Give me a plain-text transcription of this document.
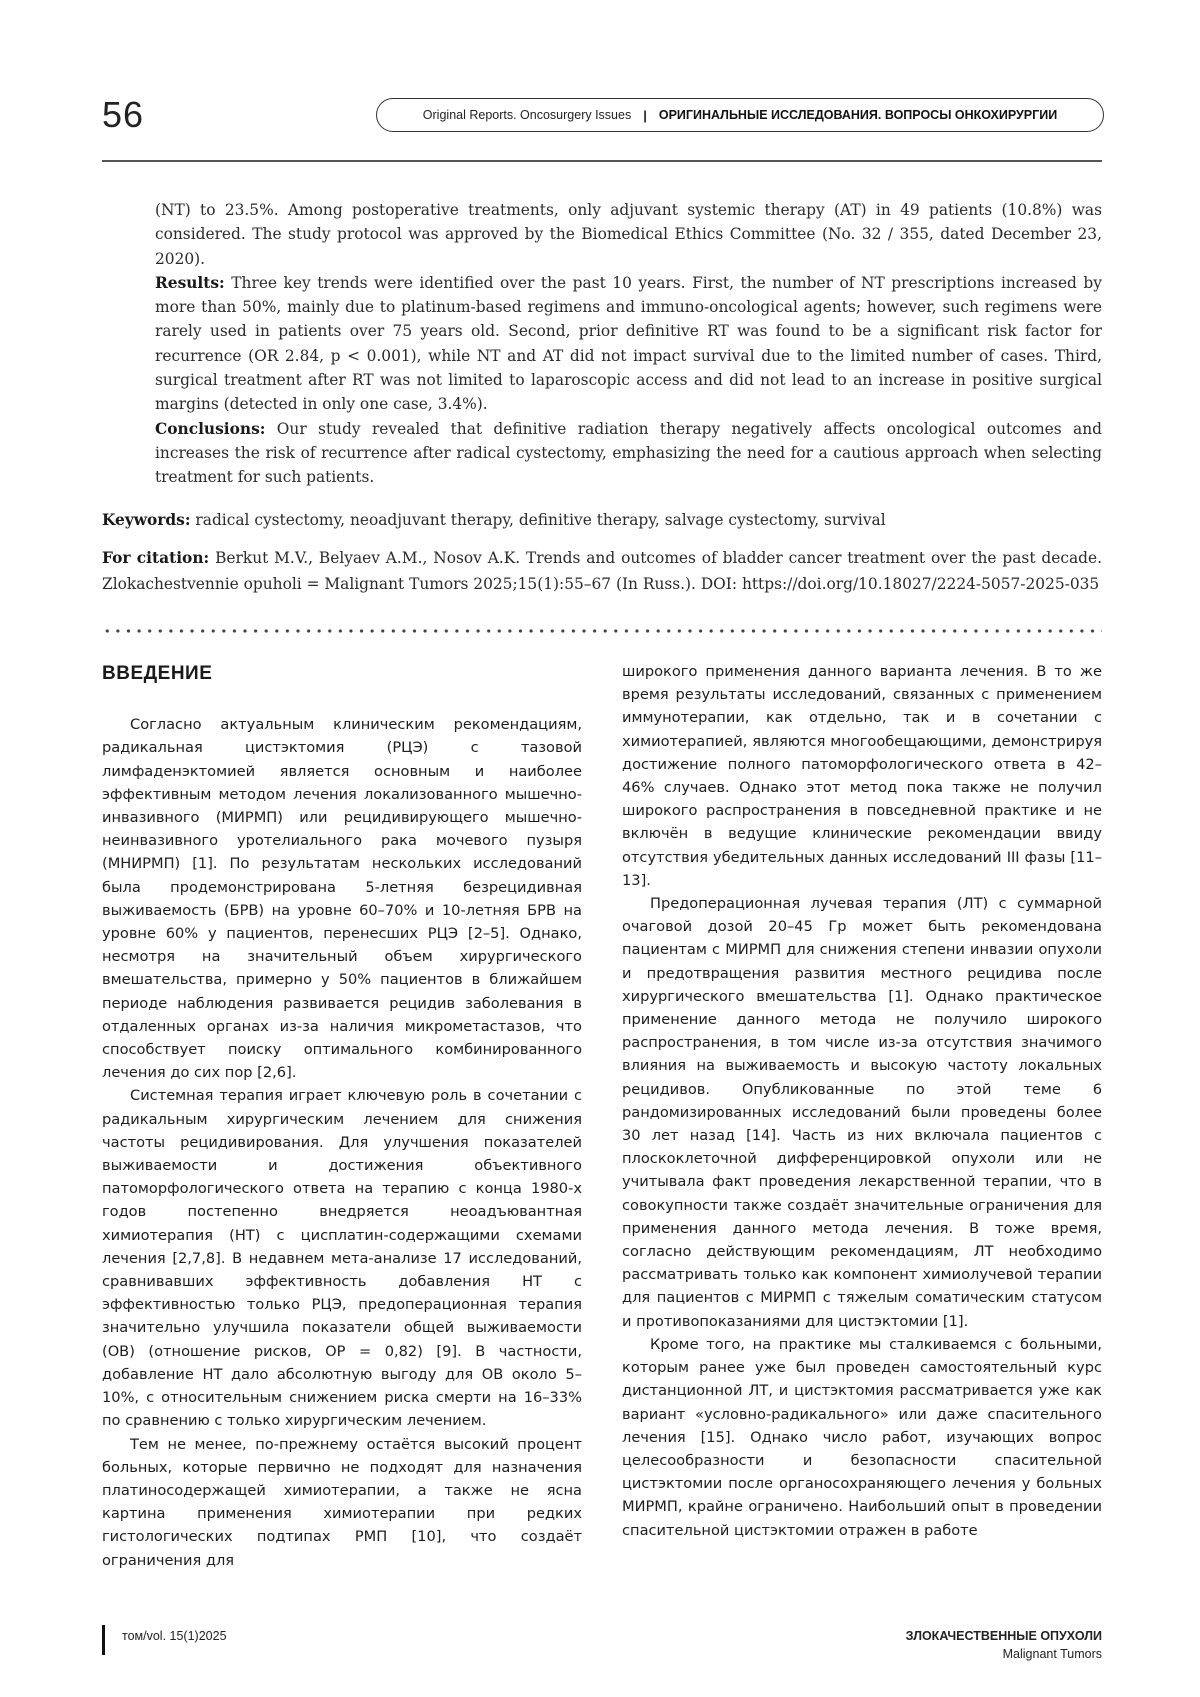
56	Original Reports. Oncosurgery Issues | ОРИГИНАЛЬНЫЕ ИССЛЕДОВАНИЯ. ВОПРОСЫ ОНКОХИРУРГИИ

(NT) to 23.5%. Among postoperative treatments, only adjuvant systemic therapy (AT) in 49 patients (10.8%) was considered. The study protocol was approved by the Biomedical Ethics Committee (No. 32 / 355, dated December 23, 2020).

Results: Three key trends were identified over the past 10 years. First, the number of NT prescriptions increased by more than 50%, mainly due to platinum-based regimens and immuno-oncological agents; however, such regimens were rarely used in patients over 75 years old. Second, prior definitive RT was found to be a significant risk factor for recurrence (OR 2.84, p < 0.001), while NT and AT did not impact survival due to the limited number of cases. Third, surgical treatment after RT was not limited to laparoscopic access and did not lead to an increase in positive surgical margins (detected in only one case, 3.4%).

Conclusions: Our study revealed that definitive radiation therapy negatively affects oncological outcomes and increases the risk of recurrence after radical cystectomy, emphasizing the need for a cautious approach when selecting treatment for such patients.

Keywords: radical cystectomy, neoadjuvant therapy, definitive therapy, salvage cystectomy, survival
For citation: Berkut M.V., Belyaev A.M., Nosov A.K. Trends and outcomes of bladder cancer treatment over the past decade. Zlokachestvennie opuholi = Malignant Tumors 2025;15(1):55–67 (In Russ.). DOI: https://doi.org/10.18027/2224-5057-2025-035
ВВЕДЕНИЕ

Согласно актуальным клиническим рекомендациям, радикальная цистэктомия (РЦЭ) с тазовой лимфаденэктомией является основным и наиболее эффективным методом лечения локализованного мышечно-инвазивного (МИРМП) или рецидивирующего мышечно-неинвазивного уротелиального рака мочевого пузыря (МНИРМП) [1]. По результатам нескольких исследований была продемонстрирована 5-летняя безрецидивная выживаемость (БРВ) на уровне 60–70% и 10-летняя БРВ на уровне 60% у пациентов, перенесших РЦЭ [2–5]. Однако, несмотря на значительный объем хирургического вмешательства, примерно у 50% пациентов в ближайшем периоде наблюдения развивается рецидив заболевания в отдаленных органах из-за наличия микрометастазов, что способствует поиску оптимального комбинированного лечения до сих пор [2,6].

Системная терапия играет ключевую роль в сочетании с радикальным хирургическим лечением для снижения частоты рецидивирования. Для улучшения показателей выживаемости и достижения объективного патоморфологического ответа на терапию с конца 1980-х годов постепенно внедряется неоадъювантная химиотерапия (НТ) с цисплатин-содержащими схемами лечения [2,7,8]. В недавнем мета-анализе 17 исследований, сравнивавших эффективность добавления НТ с эффективностью только РЦЭ, предоперационная терапия значительно улучшила показатели общей выживаемости (ОВ) (отношение рисков, ОР = 0,82) [9]. В частности, добавление НТ дало абсолютную выгоду для ОВ около 5–10%, с относительным снижением риска смерти на 16–33% по сравнению с только хирургическим лечением.

Тем не менее, по-прежнему остаётся высокий процент больных, которые первично не подходят для назначения платиносодержащей химиотерапии, а также не ясна картина применения химиотерапии при редких гистологических подтипах РМП [10], что создаёт ограничения для

широкого применения данного варианта лечения. В то же время результаты исследований, связанных с применением иммунотерапии, как отдельно, так и в сочетании с химиотерапией, являются многообещающими, демонстрируя достижение полного патоморфологического ответа в 42–46% случаев. Однако этот метод пока также не получил широкого распространения в повседневной практике и не включён в ведущие клинические рекомендации ввиду отсутствия убедительных данных исследований III фазы [11–13].

Предоперационная лучевая терапия (ЛТ) с суммарной очаговой дозой 20–45 Гр может быть рекомендована пациентам с МИРМП для снижения степени инвазии опухоли и предотвращения развития местного рецидива после хирургического вмешательства [1]. Однако практическое применение данного метода не получило широкого распространения, в том числе из-за отсутствия значимого влияния на выживаемость и высокую частоту локальных рецидивов. Опубликованные по этой теме 6 рандомизированных исследований были проведены более 30 лет назад [14]. Часть из них включала пациентов с плоскоклеточной дифференцировкой опухоли или не учитывала факт проведения лекарственной терапии, что в совокупности также создаёт значительные ограничения для применения данного метода лечения. В тоже время, согласно действующим рекомендациям, ЛТ необходимо рассматривать только как компонент химиолучевой терапии для пациентов с МИРМП с тяжелым соматическим статусом и противопоказаниями для цистэктомии [1].

Кроме того, на практике мы сталкиваемся с больными, которым ранее уже был проведен самостоятельный курс дистанционной ЛТ, и цистэктомия рассматривается уже как вариант «условно-радикального» или даже спасительного лечения [15]. Однако число работ, изучающих вопрос целесообразности и безопасности спасительной цистэктомии после органосохраняющего лечения у больных МИРМП, крайне ограничено. Наибольший опыт в проведении спасительной цистэктомии отражен в работе

том/vol. 15(1)2025	ЗЛОКАЧЕСТВЕННЫЕ ОПУХОЛИ
Malignant Tumors
